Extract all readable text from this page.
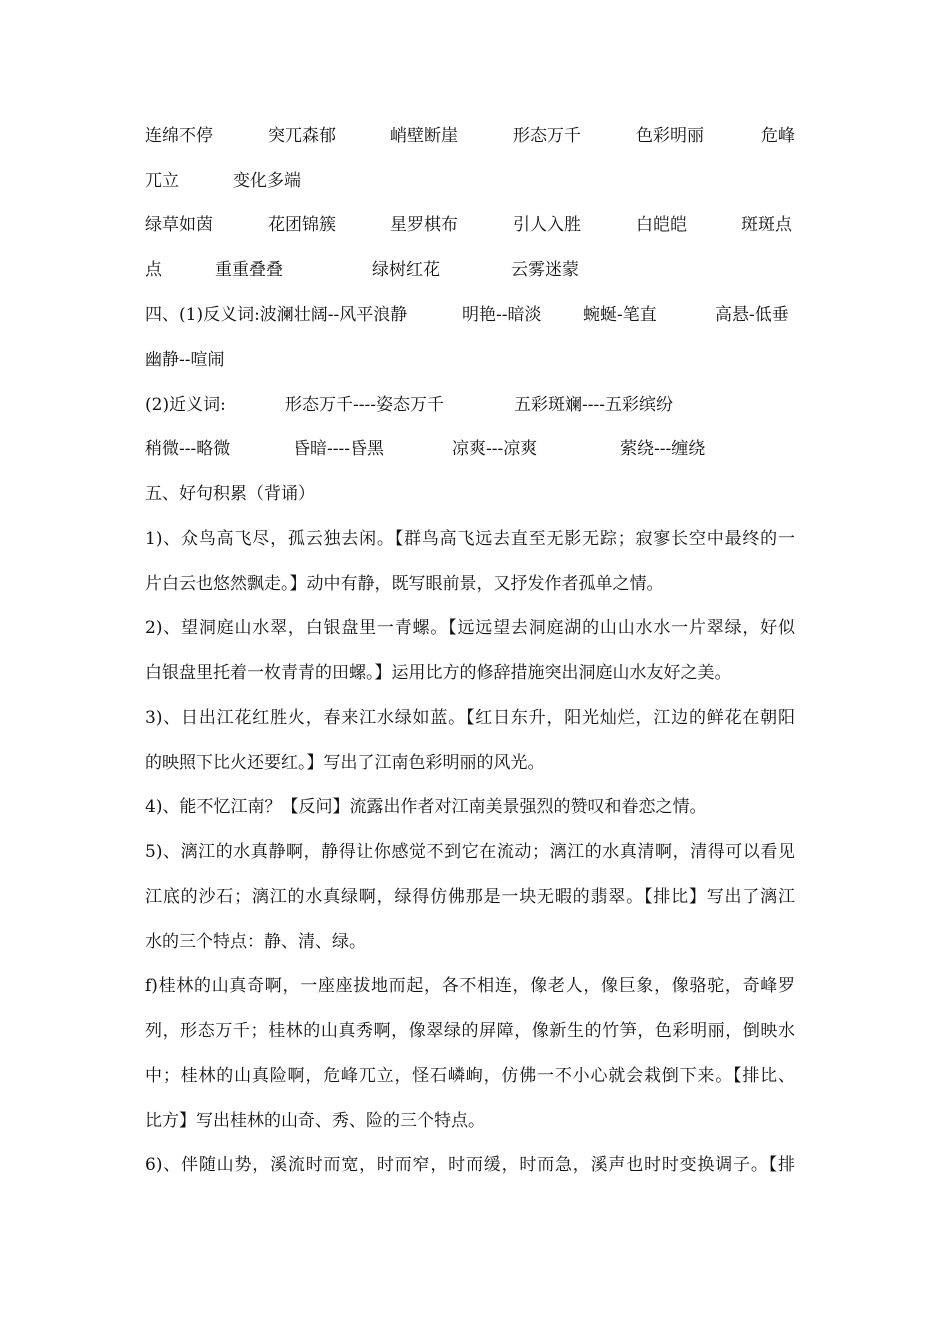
连绵不停	突兀森郁	峭壁断崖	形态万千	色彩明丽	危峰
兀立	变化多端
绿草如茵	花团锦簇	星罗棋布	引人入胜	白皑皑	斑斑点
点	重重叠叠	绿树红花	云雾迷蒙
四、(1)反义词:波澜壮阔--风平浪静	明艳--暗淡 蜿蜒-笔直	高悬-低垂
幽静--喧闹
(2)近义词:	形态万千----姿态万千	五彩斑斓----五彩缤纷
稍微---略微	昏暗----昏黑	凉爽---凉爽	萦绕---缠绕
五、好句积累（背诵）
1)、众鸟高飞尽，孤云独去闲。【群鸟高飞远去直至无影无踪；寂寥长空中最终的一
片白云也悠然飘走。】动中有静，既写眼前景，又抒发作者孤单之情。
2)、望洞庭山水翠，白银盘里一青螺。【远远望去洞庭湖的山山水水一片翠绿，好似
白银盘里托着一枚青青的田螺。】运用比方的修辞措施突出洞庭山水友好之美。
3)、日出江花红胜火，春来江水绿如蓝。【红日东升，阳光灿烂，江边的鲜花在朝阳
的映照下比火还要红。】写出了江南色彩明丽的风光。
4)、能不忆江南？【反问】流露出作者对江南美景强烈的赞叹和眷恋之情。
5)、漓江的水真静啊，静得让你感觉不到它在流动；漓江的水真清啊，清得可以看见
江底的沙石；漓江的水真绿啊，绿得仿佛那是一块无暇的翡翠。【排比】写出了漓江
水的三个特点：静、清、绿。
f)桂林的山真奇啊，一座座拔地而起，各不相连，像老人，像巨象，像骆驼，奇峰罗
列，形态万千；桂林的山真秀啊，像翠绿的屏障，像新生的竹笋，色彩明丽，倒映水
中；桂林的山真险啊，危峰兀立，怪石嶙峋，仿佛一不小心就会栽倒下来。【排比、
比方】写出桂林的山奇、秀、险的三个特点。
6)、伴随山势，溪流时而宽，时而窄，时而缓，时而急，溪声也时时变换调子。【排
